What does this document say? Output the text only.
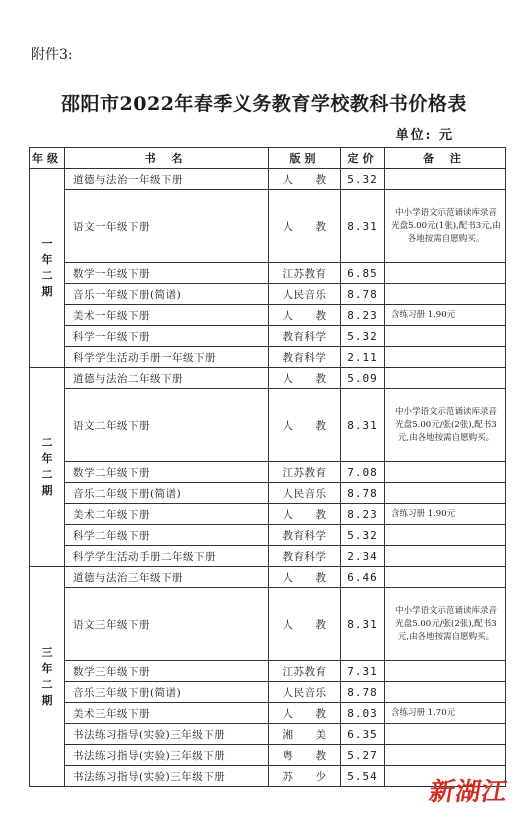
附件3:
邵阳市2022年春季义务教育学校教科书价格表
单位: 元
年级	书 名	版别	定价	备 注

一
年
二
期	道德与法治一年级下册	人　　教	5.32	
	语文一年级下册	人　　教	8.31	中小学语文示范诵读库录音光盘5.00元(1张),配书3元,由各地按需自愿购买。
	数学一年级下册	江苏教育	6.85	
	音乐一年级下册(简谱)	人民音乐	8.78	
	美术一年级下册	人　　教	8.23	含练习册 1.90元
	科学一年级下册	教育科学	5.32	
	科学学生活动手册一年级下册	教育科学	2.11	

二
年
二
期	道德与法治二年级下册	人　　教	5.09	
	语文二年级下册	人　　教	8.31	中小学语文示范诵读库录音光盘5.00元/张(2张),配书3元,由各地按需自愿购买。
	数学二年级下册	江苏教育	7.08	
	音乐二年级下册(简谱)	人民音乐	8.78	
	美术二年级下册	人　　教	8.23	含练习册 1.90元
	科学二年级下册	教育科学	5.32	
	科学学生活动手册二年级下册	教育科学	2.34	

三
年
二
期	道德与法治三年级下册	人　　教	6.46	
	语文三年级下册	人　　教	8.31	中小学语文示范诵读库录音光盘5.00元/张(2张),配书3元,由各地按需自愿购买。
	数学三年级下册	江苏教育	7.31	
	音乐三年级下册(简谱)	人民音乐	8.78	
	美术三年级下册	人　　教	8.03	含练习册 1.70元
	书法练习指导(实验)三年级下册	湘　　美	6.35	
	书法练习指导(实验)三年级下册	粤　　教	5.27	
	书法练习指导(实验)三年级下册	苏　　少	5.54	
新湖江
